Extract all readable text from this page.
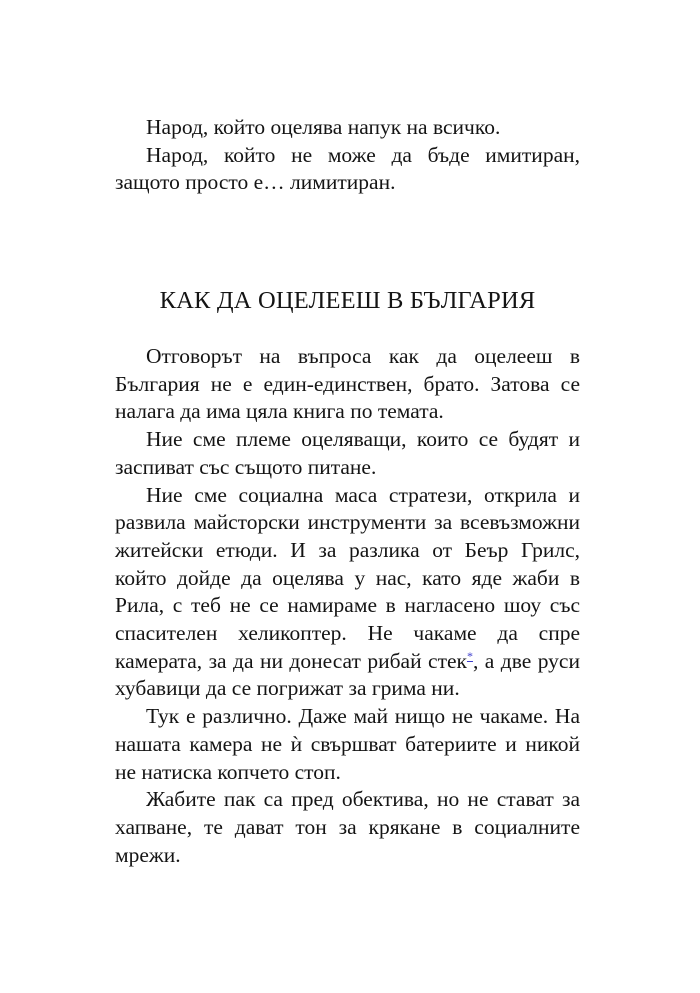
Народ, който оцелява напук на всичко.

Народ, който не може да бъде имитиран, защото просто е… лимитиран.

КАК ДА ОЦЕЛЕЕШ В БЪЛГАРИЯ

Отговорът на въпроса как да оцелееш в България не е един-единствен, брато. Затова се налага да има цяла книга по темата.

Ние сме племе оцеляващи, които се будят и заспиват със същото питане.

Ние сме социална маса стратези, открила и развила майсторски инструменти за всевъзможни житейски етюди. И за разлика от Беър Грилс, който дойде да оцелява у нас, като яде жаби в Рила, с теб не се намираме в нагласено шоу със спасителен хеликоптер. Не чакаме да спре камерата, за да ни донесат рибай стек*, а две руси хубавици да се погрижат за грима ни.

Тук е различно. Даже май нищо не чакаме. На нашата камера не ѝ свършват батериите и никой не натиска копчето стоп.

Жабите пак са пред обектива, но не стават за хапване, те дават тон за крякане в социалните мрежи.
